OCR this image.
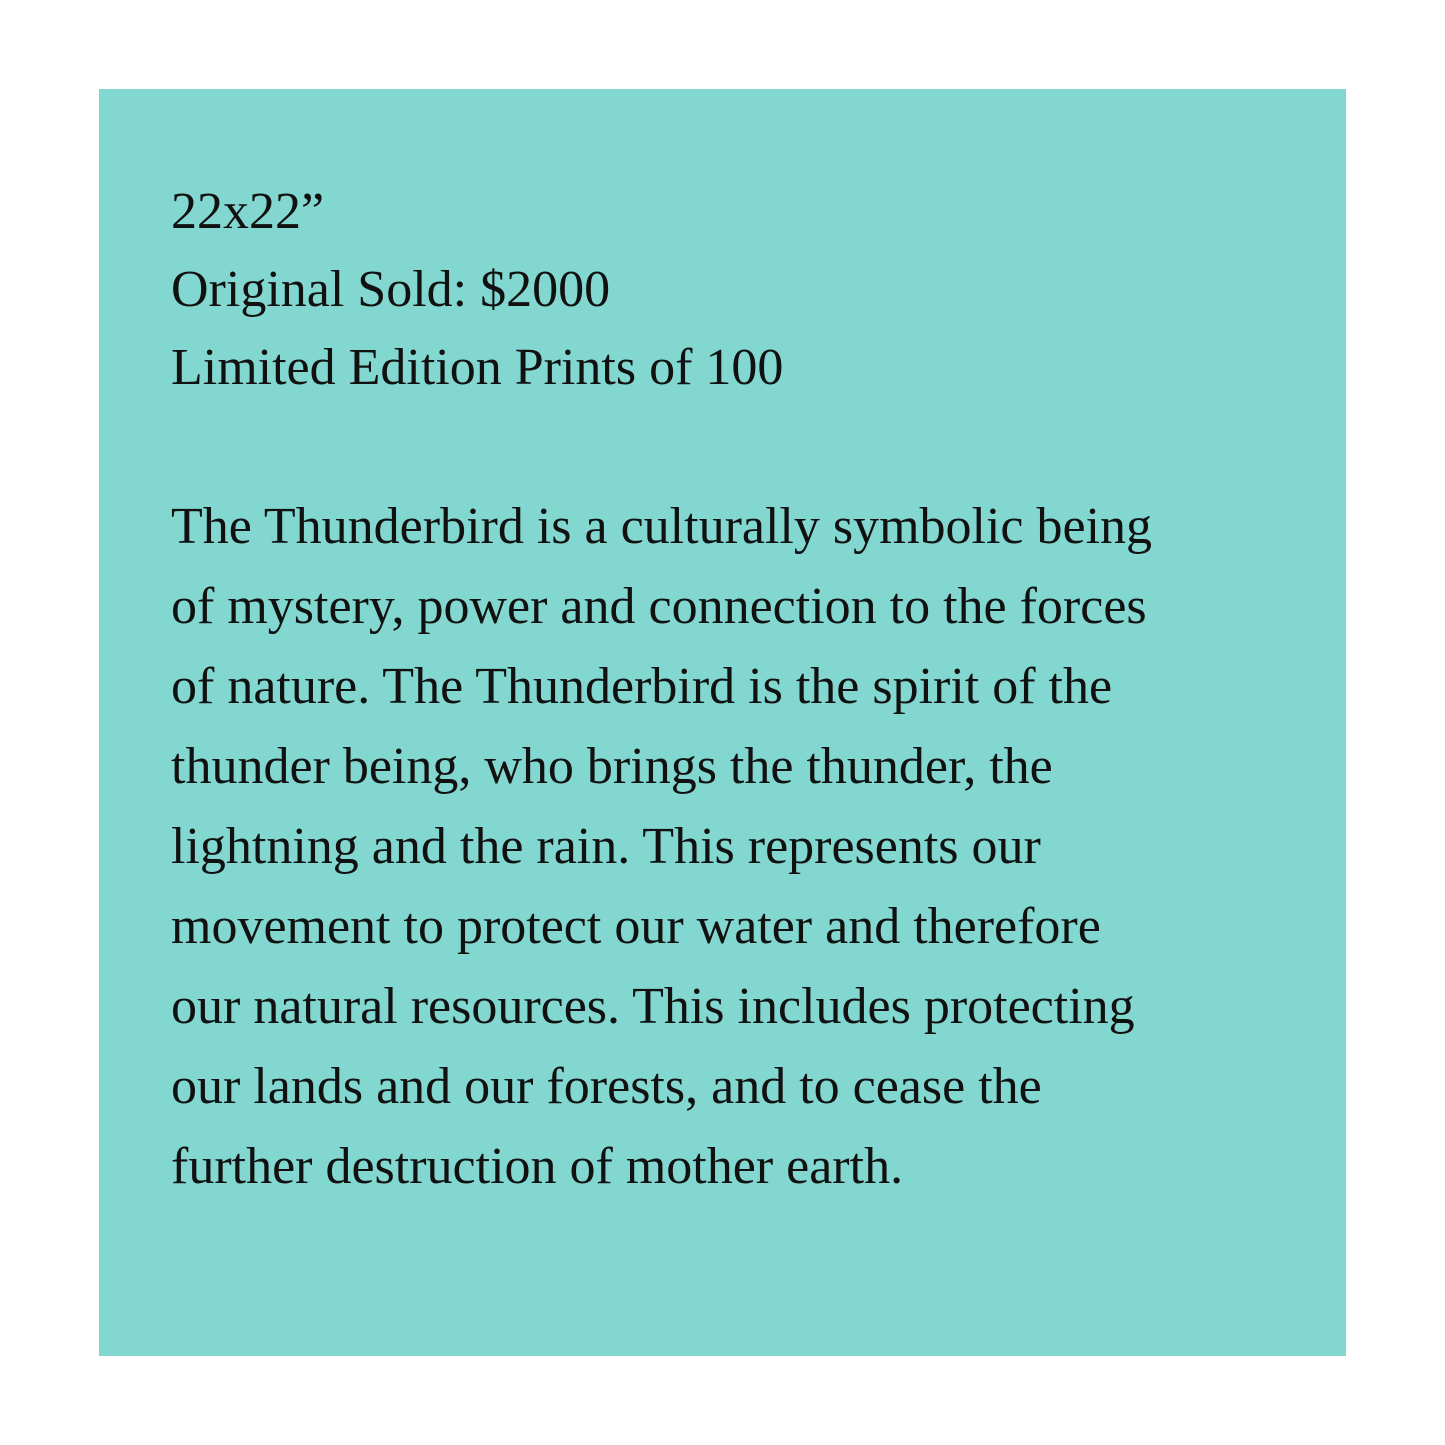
22x22”
Original Sold: $2000
Limited Edition Prints of 100

The Thunderbird is a culturally symbolic being
of mystery, power and connection to the forces
of nature. The Thunderbird is the spirit of the
thunder being, who brings the thunder, the
lightning and the rain. This represents our
movement to protect our water and therefore
our natural resources. This includes protecting
our lands and our forests, and to cease the
further destruction of mother earth.
